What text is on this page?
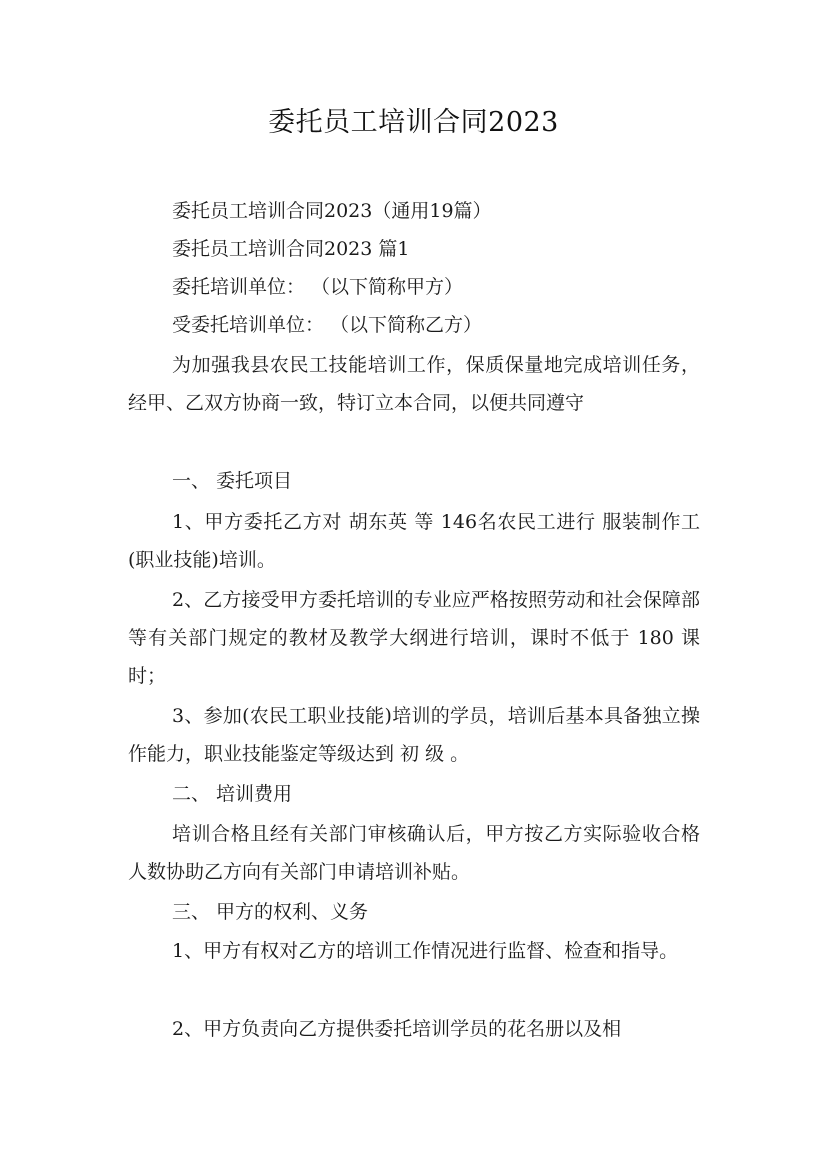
委托员工培训合同2023

委托员工培训合同2023（通用19篇）

委托员工培训合同2023 篇1

委托培训单位： （以下简称甲方）

受委托培训单位： （以下简称乙方）

为加强我县农民工技能培训工作，保质保量地完成培训任务，经甲、乙双方协商一致，特订立本合同，以便共同遵守

一、 委托项目

1、甲方委托乙方对 胡东英 等 146名农民工进行 服装制作工(职业技能)培训。

2、乙方接受甲方委托培训的专业应严格按照劳动和社会保障部等有关部门规定的教材及教学大纲进行培训，课时不低于 180 课时；

3、参加(农民工职业技能)培训的学员，培训后基本具备独立操作能力，职业技能鉴定等级达到 初 级 。

二、 培训费用

培训合格且经有关部门审核确认后，甲方按乙方实际验收合格人数协助乙方向有关部门申请培训补贴。

三、 甲方的权利、义务

1、甲方有权对乙方的培训工作情况进行监督、检查和指导。

2、甲方负责向乙方提供委托培训学员的花名册以及相
